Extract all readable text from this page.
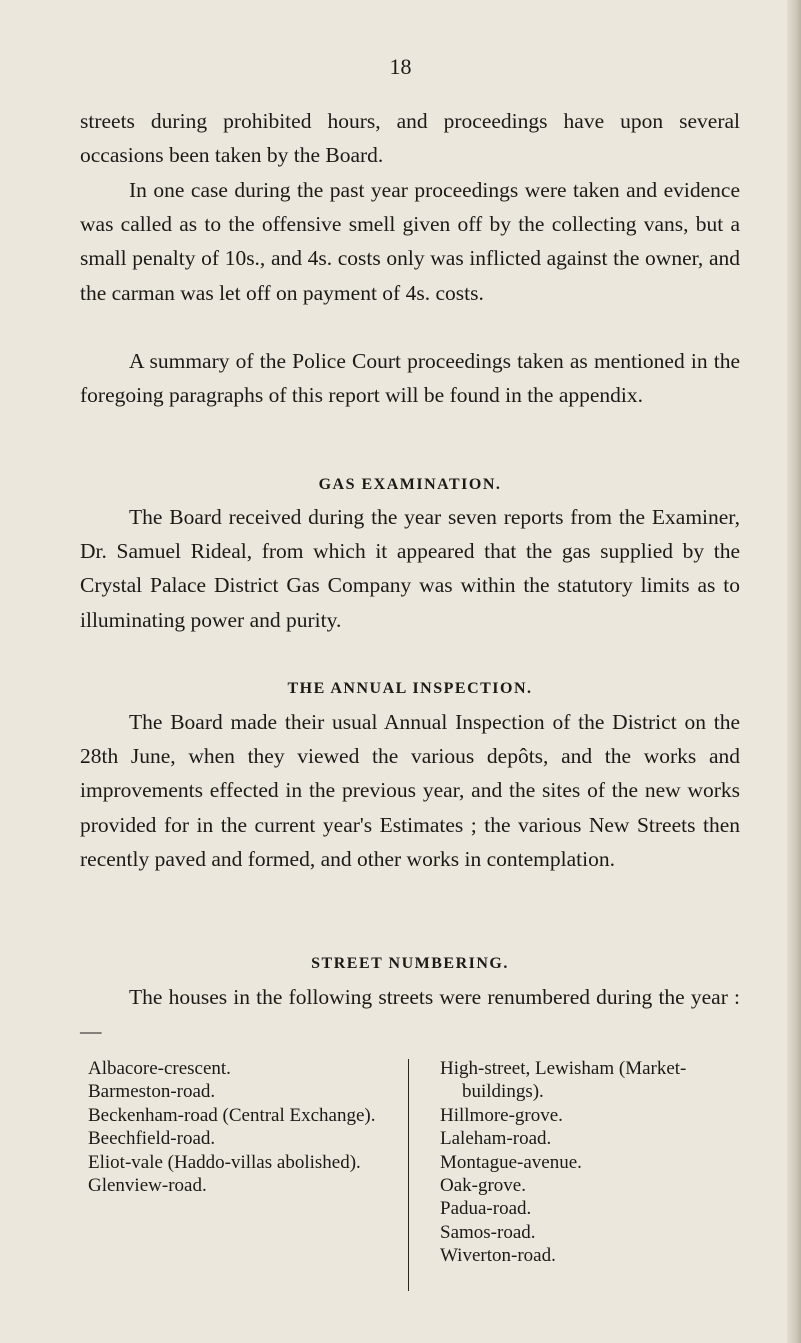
18

streets during prohibited hours, and proceedings have upon several occasions been taken by the Board.

In one case during the past year proceedings were taken and evidence was called as to the offensive smell given off by the collecting vans, but a small penalty of 10s., and 4s. costs only was inflicted against the owner, and the carman was let off on payment of 4s. costs.

A summary of the Police Court proceedings taken as mentioned in the foregoing paragraphs of this report will be found in the appendix.

GAS EXAMINATION.

The Board received during the year seven reports from the Examiner, Dr. Samuel Rideal, from which it appeared that the gas supplied by the Crystal Palace District Gas Company was within the statutory limits as to illuminating power and purity.

THE ANNUAL INSPECTION.

The Board made their usual Annual Inspection of the District on the 28th June, when they viewed the various depôts, and the works and improvements effected in the previous year, and the sites of the new works provided for in the current year's Estimates ; the various New Streets then recently paved and formed, and other works in contemplation.

STREET NUMBERING.

The houses in the following streets were renumbered during the year :—

Albacore-crescent.
Barmeston-road.
Beckenham-road (Central Exchange).
Beechfield-road.
Eliot-vale (Haddo-villas abolished).
Glenview-road.
High-street, Lewisham (Market-buildings).
Hillmore-grove.
Laleham-road.
Montague-avenue.
Oak-grove.
Padua-road.
Samos-road.
Wiverton-road.
